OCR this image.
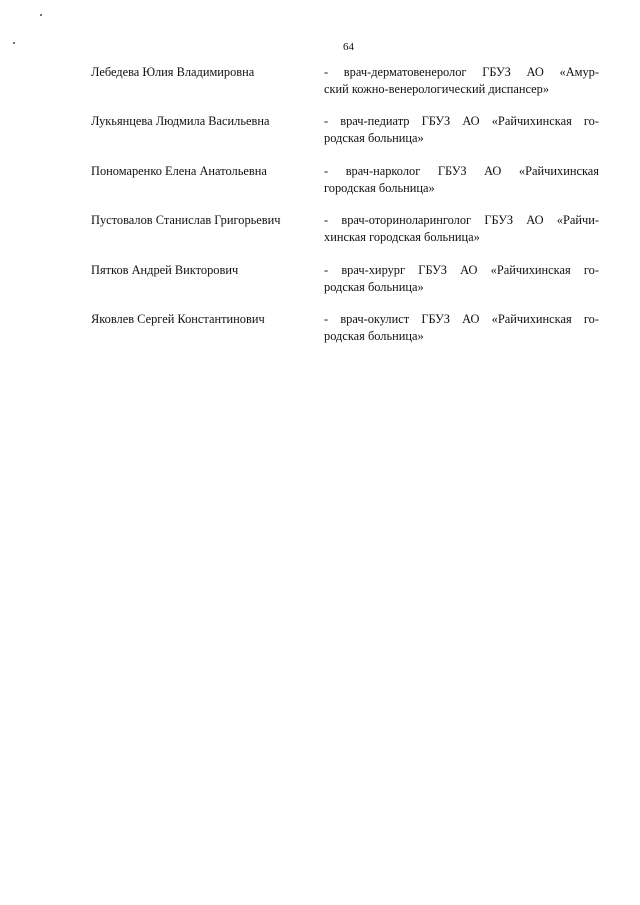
64
Лебедева Юлия Владимировна	- врач-дерматовенеролог ГБУЗ АО «Амур-
ский кожно-венерологический диспансер»
Лукьянцева Людмила Васильевна	- врач-педиатр ГБУЗ АО «Райчихинская го-
родская больница»
Пономаренко Елена Анатольевна	- врач-нарколог ГБУЗ АО «Райчихинская
городская больница»
Пустовалов Станислав Григорьевич	- врач-оториноларинголог ГБУЗ АО «Райчи-
хинская городская больница»
Пятков Андрей Викторович	- врач-хирург ГБУЗ АО «Райчихинская го-
родская больница»
Яковлев Сергей Константинович	- врач-окулист ГБУЗ АО «Райчихинская го-
родская больница»
